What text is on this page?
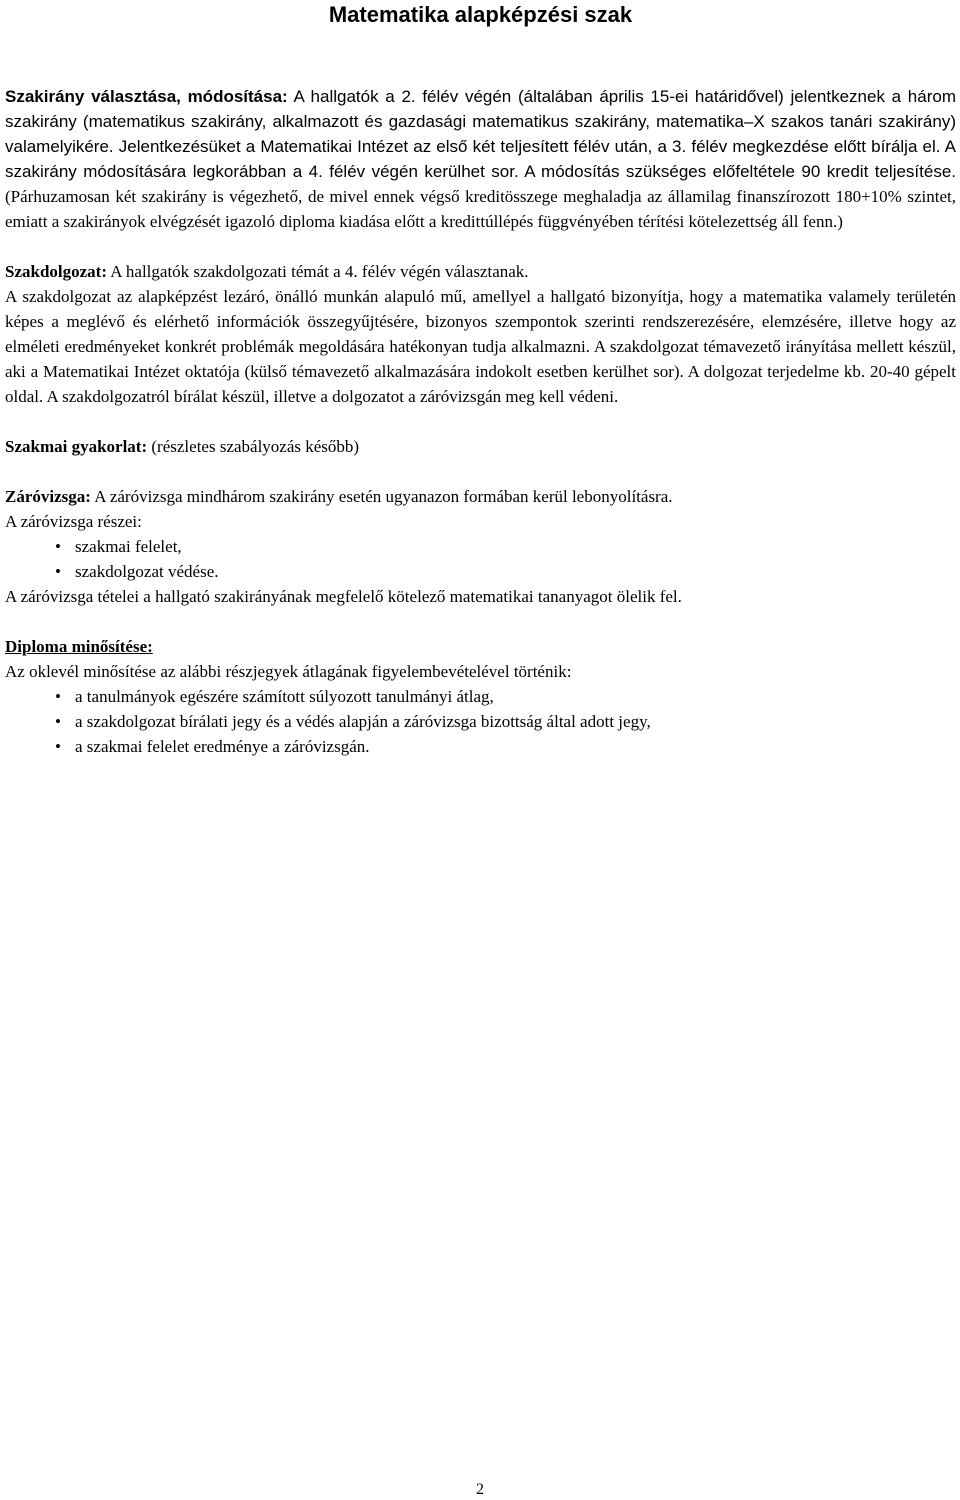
Matematika alapképzési szak

Szakirány választása, módosítása: A hallgatók a 2. félév végén (általában április 15-ei határidővel) jelentkeznek a három szakirány (matematikus szakirány, alkalmazott és gazdasági matematikus szakirány, matematika–X szakos tanári szakirány) valamelyikére. Jelentkezésüket a Matematikai Intézet az első két teljesített félév után, a 3. félév megkezdése előtt bírálja el. A szakirány módosítására legkorábban a 4. félév végén kerülhet sor. A módosítás szükséges előfeltétele 90 kredit teljesítése. (Párhuzamosan két szakirány is végezhető, de mivel ennek végső kreditösszege meghaladja az államilag finanszírozott 180+10% szintet, emiatt a szakirányok elvégzését igazoló diploma kiadása előtt a kredittúllépés függvényében térítési kötelezettség áll fenn.)

Szakdolgozat: A hallgatók szakdolgozati témát a 4. félév végén választanak.

A szakdolgozat az alapképzést lezáró, önálló munkán alapuló mű, amellyel a hallgató bizonyítja, hogy a matematika valamely területén képes a meglévő és elérhető információk összegyűjtésére, bizonyos szempontok szerinti rendszerezésére, elemzésére, illetve hogy az elméleti eredményeket konkrét problémák megoldására hatékonyan tudja alkalmazni. A szakdolgozat témavezető irányítása mellett készül, aki a Matematikai Intézet oktatója (külső témavezető alkalmazására indokolt esetben kerülhet sor). A dolgozat terjedelme kb. 20-40 gépelt oldal. A szakdolgozatról bírálat készül, illetve a dolgozatot a záróvizsgán meg kell védeni.

Szakmai gyakorlat: (részletes szabályozás később)

Záróvizsga: A záróvizsga mindhárom szakirány esetén ugyanazon formában kerül lebonyolításra.

A záróvizsga részei:

• szakmai felelet,
• szakdolgozat védése.

A záróvizsga tételei a hallgató szakirányának megfelelő kötelező matematikai tananyagot ölelik fel.

Diploma minősítése:

Az oklevél minősítése az alábbi részjegyek átlagának figyelembevételével történik:

• a tanulmányok egészére számított súlyozott tanulmányi átlag,
• a szakdolgozat bírálati jegy és a védés alapján a záróvizsga bizottság által adott jegy,
• a szakmai felelet eredménye a záróvizsgán.
2
